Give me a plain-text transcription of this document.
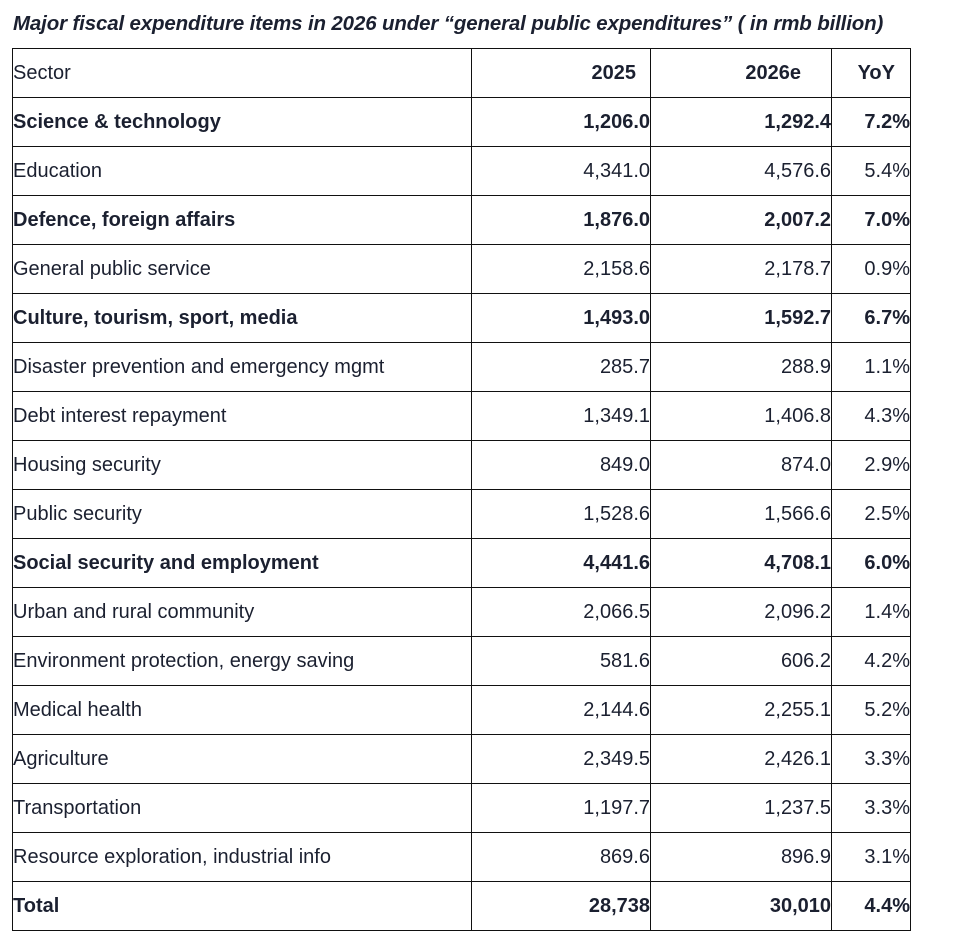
Major fiscal expenditure items in 2026 under “general public expenditures” ( in rmb billion)
Sector	2025	2026e	YoY
Science & technology	1,206.0	1,292.4	7.2%
Education	4,341.0	4,576.6	5.4%
Defence, foreign affairs	1,876.0	2,007.2	7.0%
General public service	2,158.6	2,178.7	0.9%
Culture, tourism, sport, media	1,493.0	1,592.7	6.7%
Disaster prevention and emergency mgmt	285.7	288.9	1.1%
Debt interest repayment	1,349.1	1,406.8	4.3%
Housing security	849.0	874.0	2.9%
Public security	1,528.6	1,566.6	2.5%
Social security and employment	4,441.6	4,708.1	6.0%
Urban and rural community	2,066.5	2,096.2	1.4%
Environment protection, energy saving	581.6	606.2	4.2%
Medical health	2,144.6	2,255.1	5.2%
Agriculture	2,349.5	2,426.1	3.3%
Transportation	1,197.7	1,237.5	3.3%
Resource exploration, industrial info	869.6	896.9	3.1%
Total	28,738	30,010	4.4%
